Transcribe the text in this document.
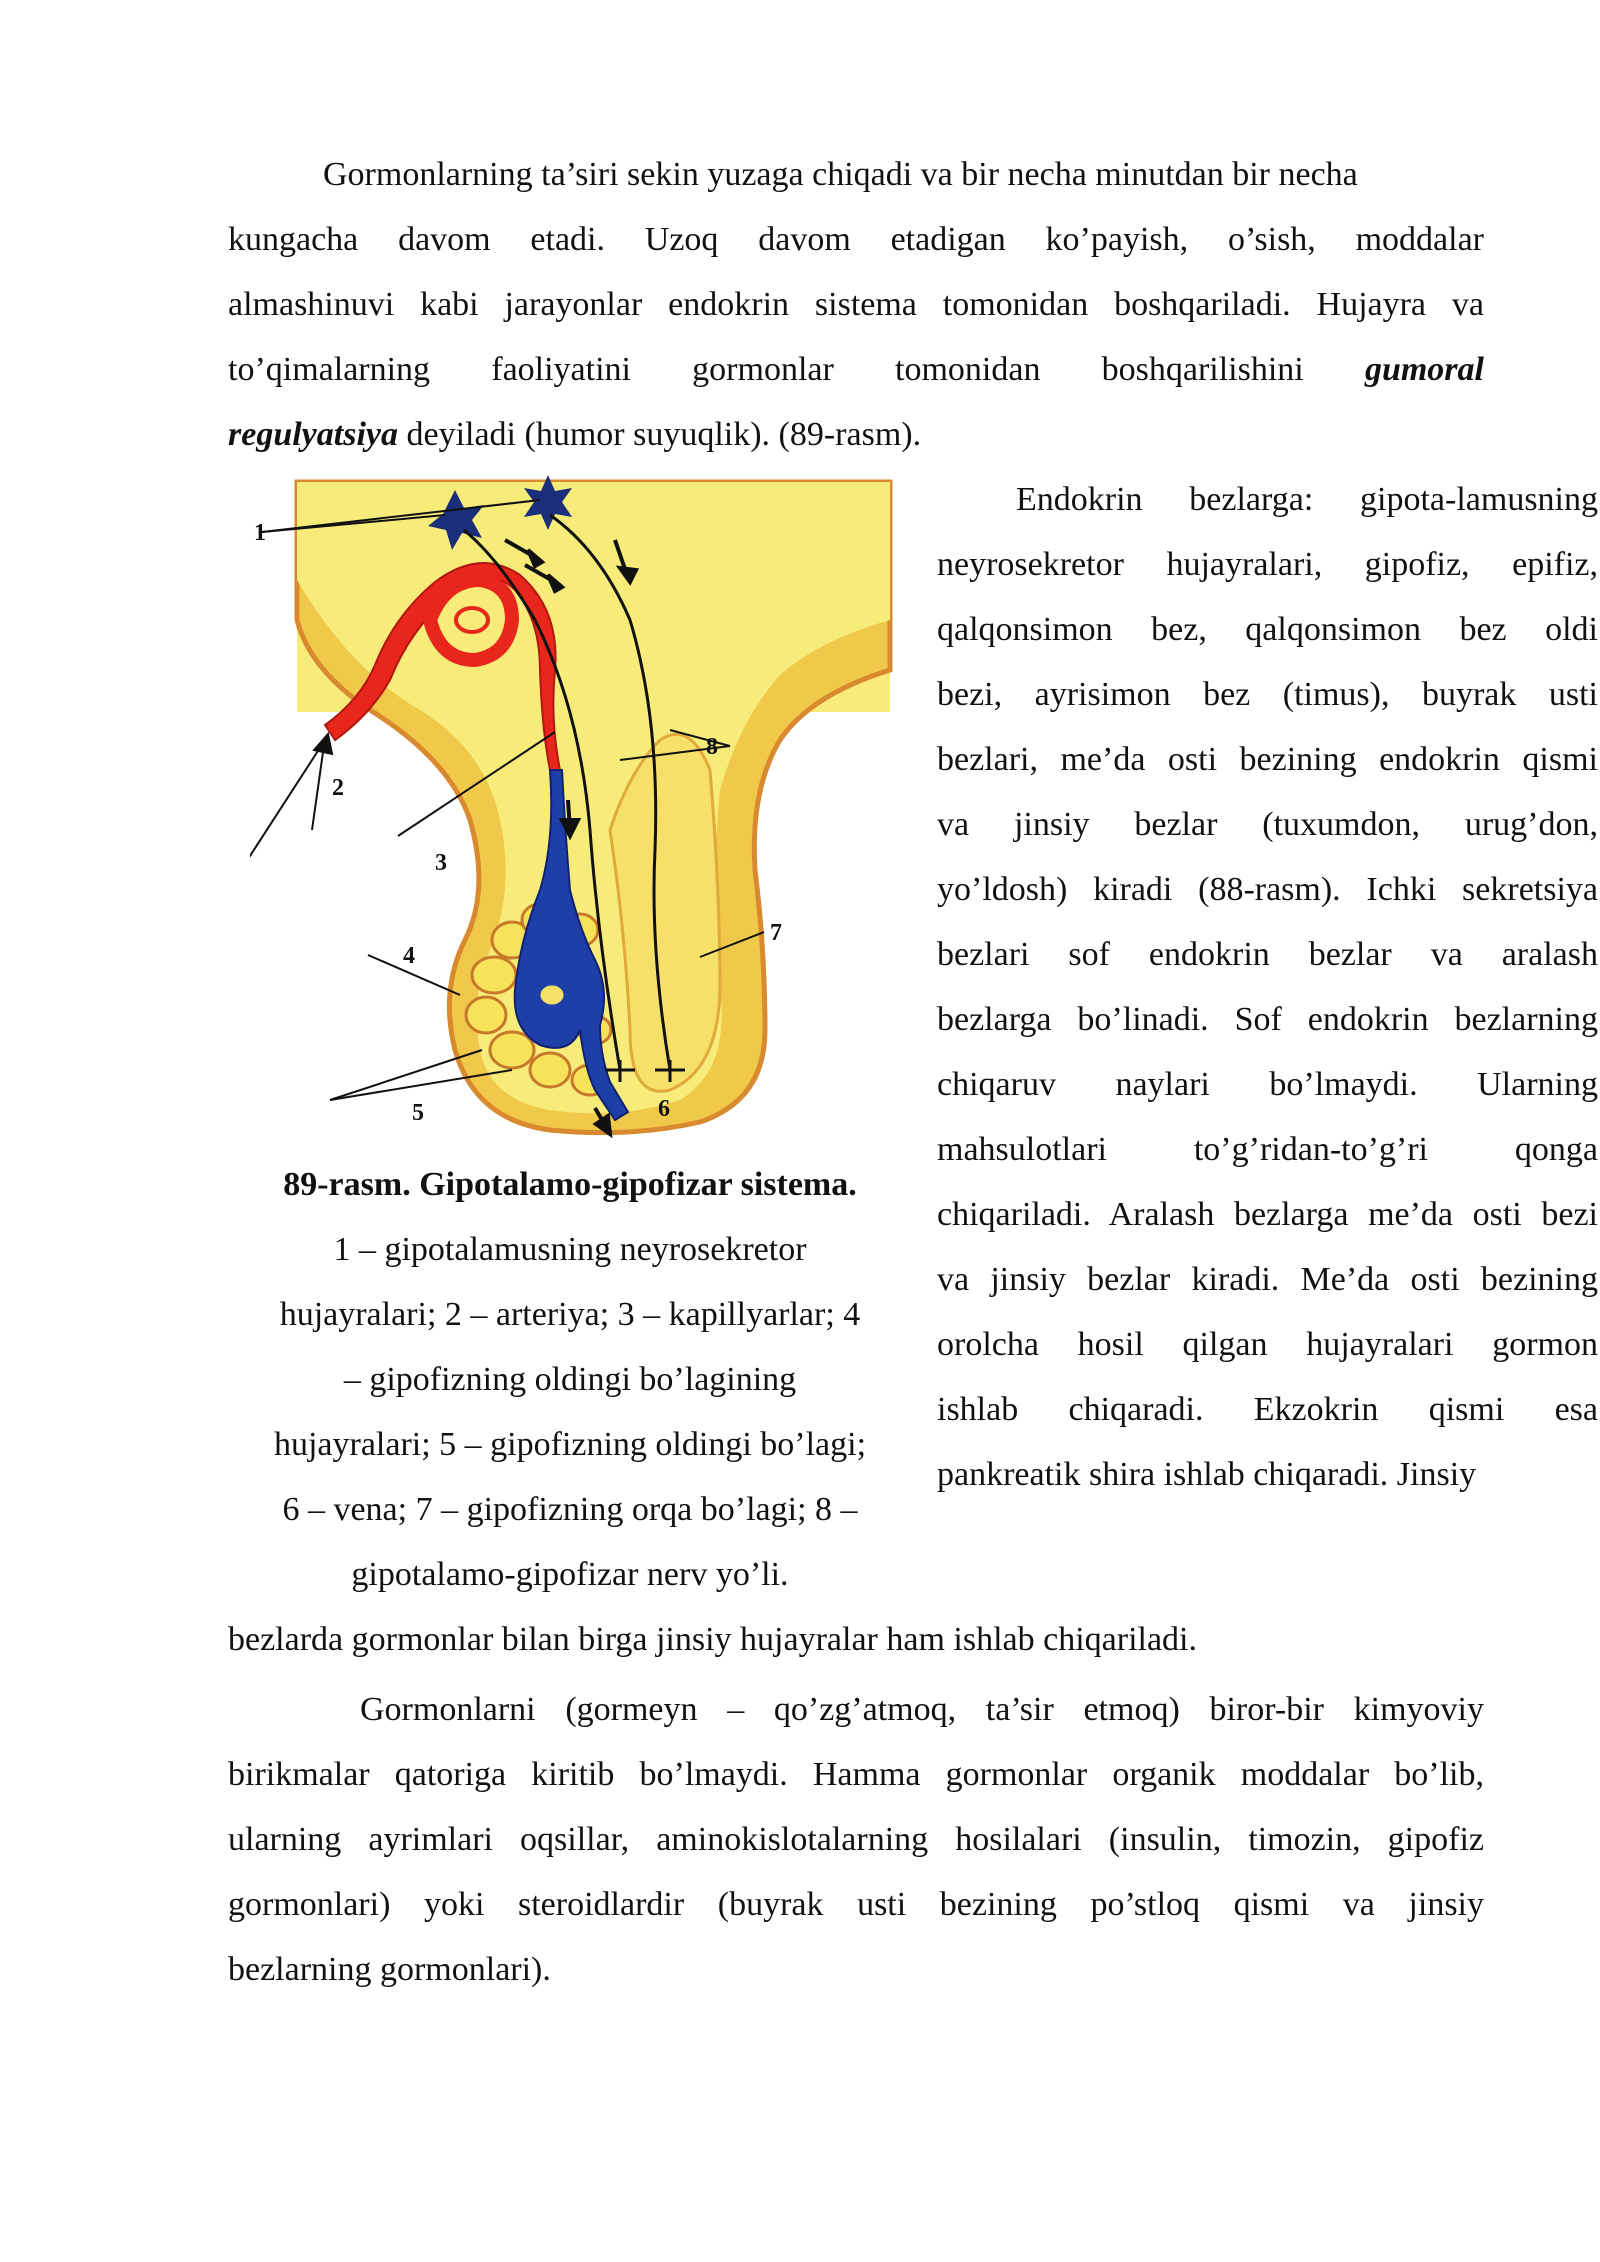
Gormonlarning ta’siri sekin yuzaga chiqadi va bir necha minutdan bir necha
kungacha davom etadi. Uzoq davom etadigan ko’payish, o’sish, moddalar
almashinuvi kabi jarayonlar endokrin sistema tomonidan boshqariladi. Hujayra va
to’qimalarning faoliyatini gormonlar tomonidan boshqarilishini gumoral
regulyatsiya deyiladi (humor suyuqlik). (89-rasm).
Endokrin bezlarga: gipota-lamusning
neyrosekretor hujayralari, gipofiz, epifiz,
qalqonsimon bez, qalqonsimon bez oldi
bezi, ayrisimon bez (timus), buyrak usti
bezlari, me’da osti bezining endokrin qismi
va jinsiy bezlar (tuxumdon, urug’don,
yo’ldosh) kiradi (88-rasm). Ichki sekretsiya
bezlari sof endokrin bezlar va aralash
bezlarga bo’linadi. Sof endokrin bezlarning
chiqaruv naylari bo’lmaydi. Ularning
mahsulotlari to’g’ridan-to’g’ri qonga
chiqariladi. Aralash bezlarga me’da osti bezi
va jinsiy bezlar kiradi. Me’da osti bezining
orolcha hosil qilgan hujayralari gormon
ishlab chiqaradi. Ekzokrin qismi esa
pankreatik shira ishlab chiqaradi. Jinsiy
1
2
3
4
5	6
7
8
89-rasm. Gipotalamo-gipofizar sistema.
1 – gipotalamusning neyrosekretor
hujayralari; 2 – arteriya; 3 – kapillyarlar; 4
– gipofizning oldingi bo’lagining
hujayralari; 5 – gipofizning oldingi bo’lagi;
6 – vena; 7 – gipofizning orqa bo’lagi; 8 –
gipotalamo-gipofizar nerv yo’li.
bezlarda gormonlar bilan birga jinsiy hujayralar ham ishlab chiqariladi.
Gormonlarni (gormeyn – qo’zg’atmoq, ta’sir etmoq) biror-bir kimyoviy
birikmalar qatoriga kiritib bo’lmaydi. Hamma gormonlar organik moddalar bo’lib,
ularning ayrimlari oqsillar, aminokislotalarning hosilalari (insulin, timozin, gipofiz
gormonlari) yoki steroidlardir (buyrak usti bezining po’stloq qismi va jinsiy
bezlarning gormonlari).
